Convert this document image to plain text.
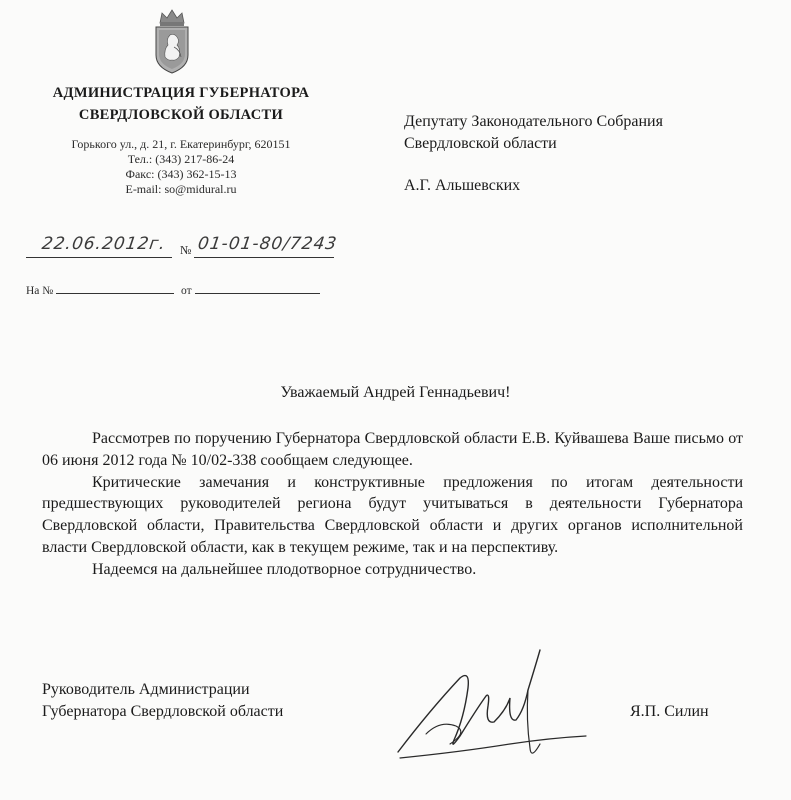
АДМИНИСТРАЦИЯ ГУБЕРНАТОРА
СВЕРДЛОВСКОЙ ОБЛАСТИ
Горького ул., д. 21, г. Екатеринбург, 620151
Тел.: (343) 217-86-24
Факс: (343) 362-15-13
E-mail: so@midural.ru
22.06.2012г. № 01-01-80/7243
На №	от
Депутату Законодательного Собрания
Свердловской области
А.Г. Альшевских
Уважаемый Андрей Геннадьевич!

Рассмотрев по поручению Губернатора Свердловской области Е.В. Куйвашева Ваше письмо от 06 июня 2012 года № 10/02-338 сообщаем следующее.

Критические замечания и конструктивные предложения по итогам деятельности предшествующих руководителей региона будут учитываться в деятельности Губернатора Свердловской области, Правительства Свердловской области и других органов исполнительной власти Свердловской области, как в текущем режиме, так и на перспективу.

Надеемся на дальнейшее плодотворное сотрудничество.

Руководитель Администрации
Губернатора Свердловской области	Я.П. Силин
